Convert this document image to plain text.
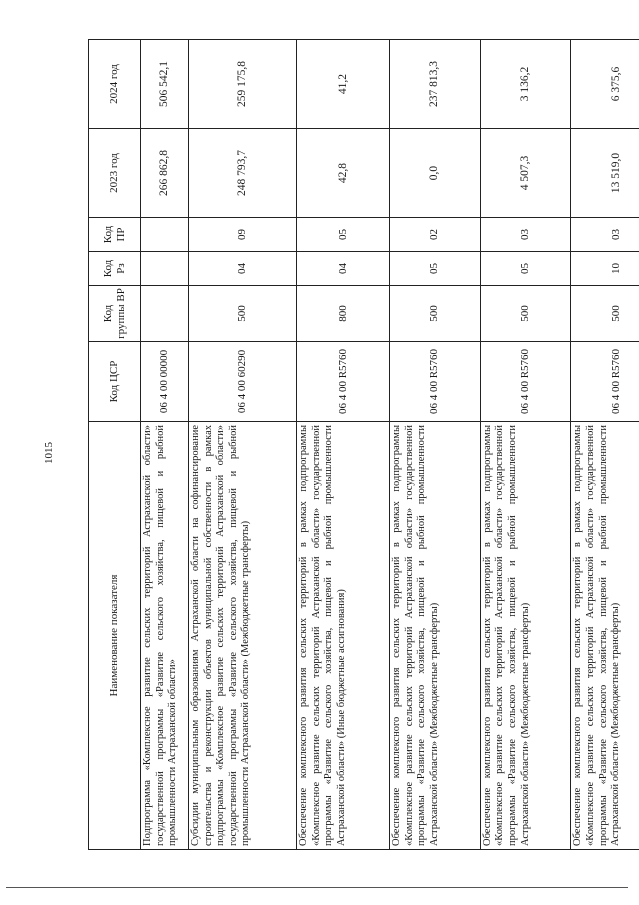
1015
Наименование показателя	Код ЦСР	Код группы ВР	Код Рз	Код ПР	2023 год	2024 год
Подпрограмма «Комплексное развитие сельских территорий Астраханской области» государственной программы «Развитие сельского хозяйства, пищевой и рыбной промышленности Астраханской области»	06 4 00 00000				266 862,8	506 542,1
Субсидии муниципальным образованиям Астраханской области на софинансирование строительства и реконструкции объектов муниципальной собственности в рамках подпрограммы «Комплексное развитие сельских территорий Астраханской области» государственной программы «Развитие сельского хозяйства, пищевой и рыбной промышленности Астраханской области» (Межбюджетные трансферты)	06 4 00 60290	500	04	09	248 793,7	259 175,8
Обеспечение комплексного развития сельских территорий в рамках подпрограммы «Комплексное развитие сельских территорий Астраханской области» государственной программы «Развитие сельского хозяйства, пищевой и рыбной промышленности Астраханской области» (Иные бюджетные ассигнования)	06 4 00 R5760	800	04	05	42,8	41,2
Обеспечение комплексного развития сельских территорий в рамках подпрограммы «Комплексное развитие сельских территорий Астраханской области» государственной программы «Развитие сельского хозяйства, пищевой и рыбной промышленности Астраханской области» (Межбюджетные трансферты)	06 4 00 R5760	500	05	02	0,0	237 813,3
Обеспечение комплексного развития сельских территорий в рамках подпрограммы «Комплексное развитие сельских территорий Астраханской области» государственной программы «Развитие сельского хозяйства, пищевой и рыбной промышленности Астраханской области» (Межбюджетные трансферты)	06 4 00 R5760	500	05	03	4 507,3	3 136,2
Обеспечение комплексного развития сельских территорий в рамках подпрограммы «Комплексное развитие сельских территорий Астраханской области» государственной программы «Развитие сельского хозяйства, пищевой и рыбной промышленности Астраханской области» (Межбюджетные трансферты)	06 4 00 R5760	500	10	03	13 519,0	6 375,6
